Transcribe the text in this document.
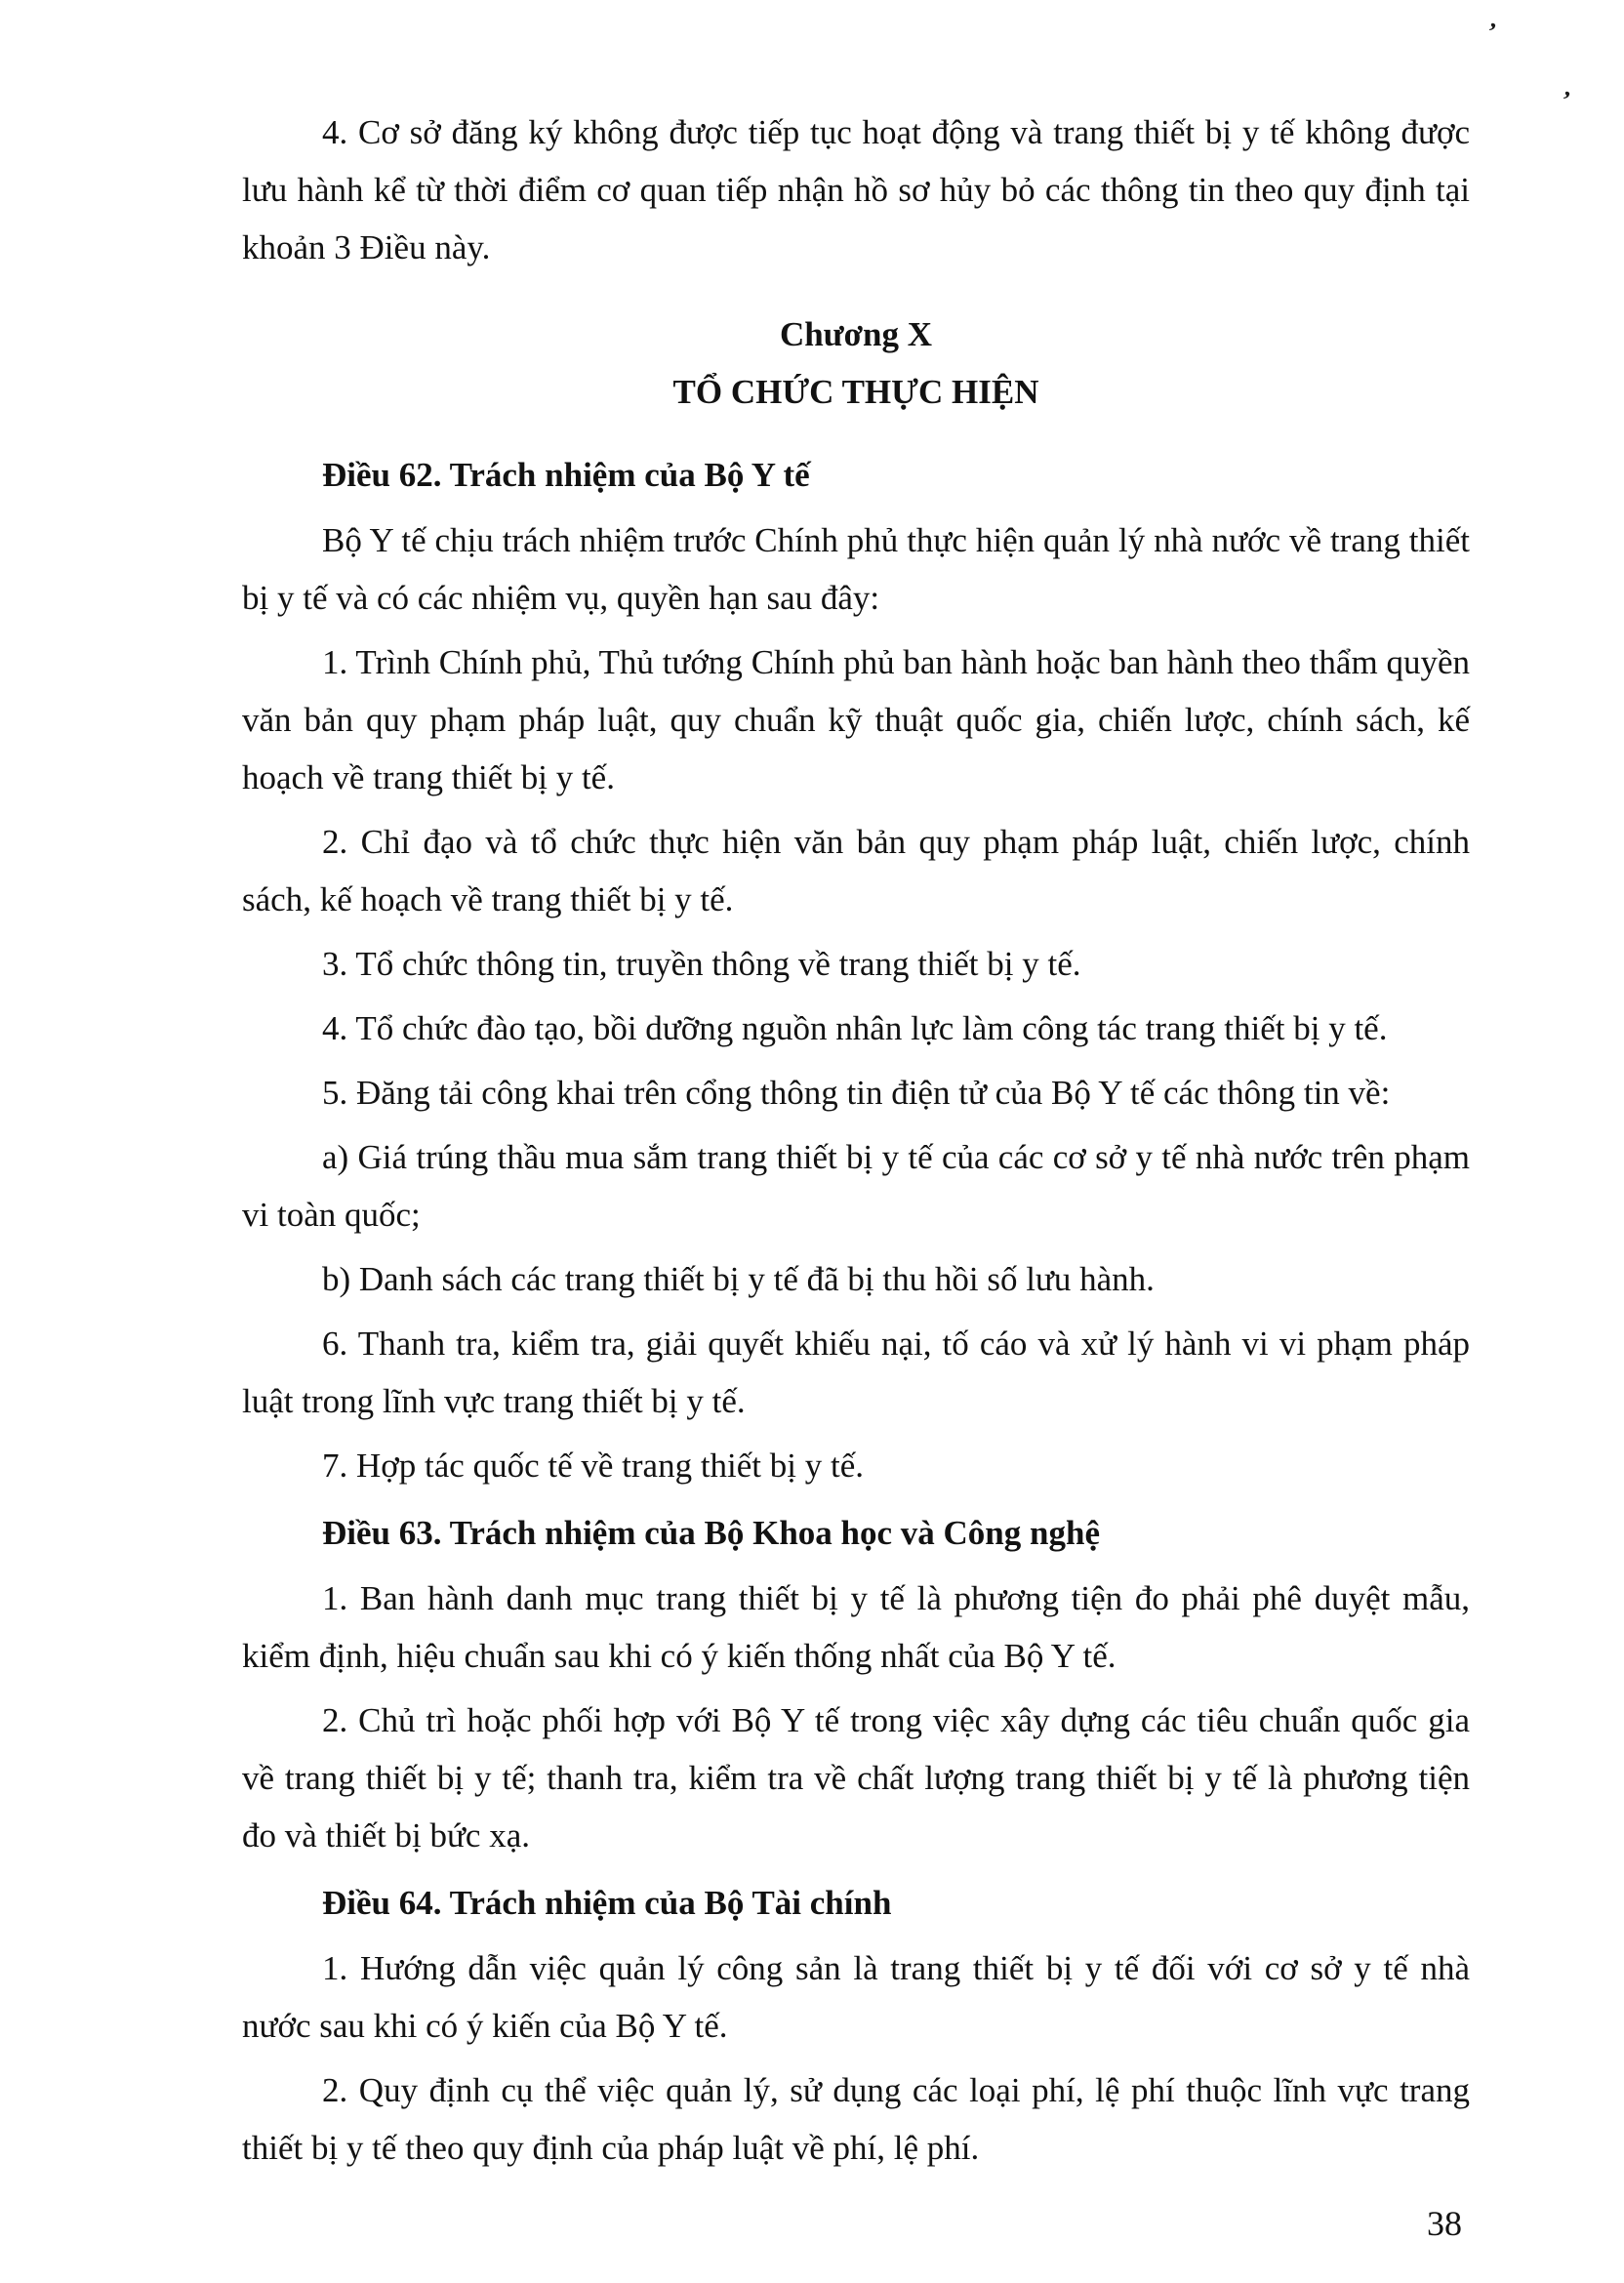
’
’

4. Cơ sở đăng ký không được tiếp tục hoạt động và trang thiết bị y tế không được lưu hành kể từ thời điểm cơ quan tiếp nhận hồ sơ hủy bỏ các thông tin theo quy định tại khoản 3 Điều này.

Chương X

TỔ CHỨC THỰC HIỆN

Điều 62. Trách nhiệm của Bộ Y tế

Bộ Y tế chịu trách nhiệm trước Chính phủ thực hiện quản lý nhà nước về trang thiết bị y tế và có các nhiệm vụ, quyền hạn sau đây:

1. Trình Chính phủ, Thủ tướng Chính phủ ban hành hoặc ban hành theo thẩm quyền văn bản quy phạm pháp luật, quy chuẩn kỹ thuật quốc gia, chiến lược, chính sách, kế hoạch về trang thiết bị y tế.

2. Chỉ đạo và tổ chức thực hiện văn bản quy phạm pháp luật, chiến lược, chính sách, kế hoạch về trang thiết bị y tế.

3. Tổ chức thông tin, truyền thông về trang thiết bị y tế.

4. Tổ chức đào tạo, bồi dưỡng nguồn nhân lực làm công tác trang thiết bị y tế.

5. Đăng tải công khai trên cổng thông tin điện tử của Bộ Y tế các thông tin về:

a) Giá trúng thầu mua sắm trang thiết bị y tế của các cơ sở y tế nhà nước trên phạm vi toàn quốc;

b) Danh sách các trang thiết bị y tế đã bị thu hồi số lưu hành.

6. Thanh tra, kiểm tra, giải quyết khiếu nại, tố cáo và xử lý hành vi vi phạm pháp luật trong lĩnh vực trang thiết bị y tế.

7. Hợp tác quốc tế về trang thiết bị y tế.

Điều 63. Trách nhiệm của Bộ Khoa học và Công nghệ

1. Ban hành danh mục trang thiết bị y tế là phương tiện đo phải phê duyệt mẫu, kiểm định, hiệu chuẩn sau khi có ý kiến thống nhất của Bộ Y tế.

2. Chủ trì hoặc phối hợp với Bộ Y tế trong việc xây dựng các tiêu chuẩn quốc gia về trang thiết bị y tế; thanh tra, kiểm tra về chất lượng trang thiết bị y tế là phương tiện đo và thiết bị bức xạ.

Điều 64. Trách nhiệm của Bộ Tài chính

1. Hướng dẫn việc quản lý công sản là trang thiết bị y tế đối với cơ sở y tế nhà nước sau khi có ý kiến của Bộ Y tế.

2. Quy định cụ thể việc quản lý, sử dụng các loại phí, lệ phí thuộc lĩnh vực trang thiết bị y tế theo quy định của pháp luật về phí, lệ phí.

38
